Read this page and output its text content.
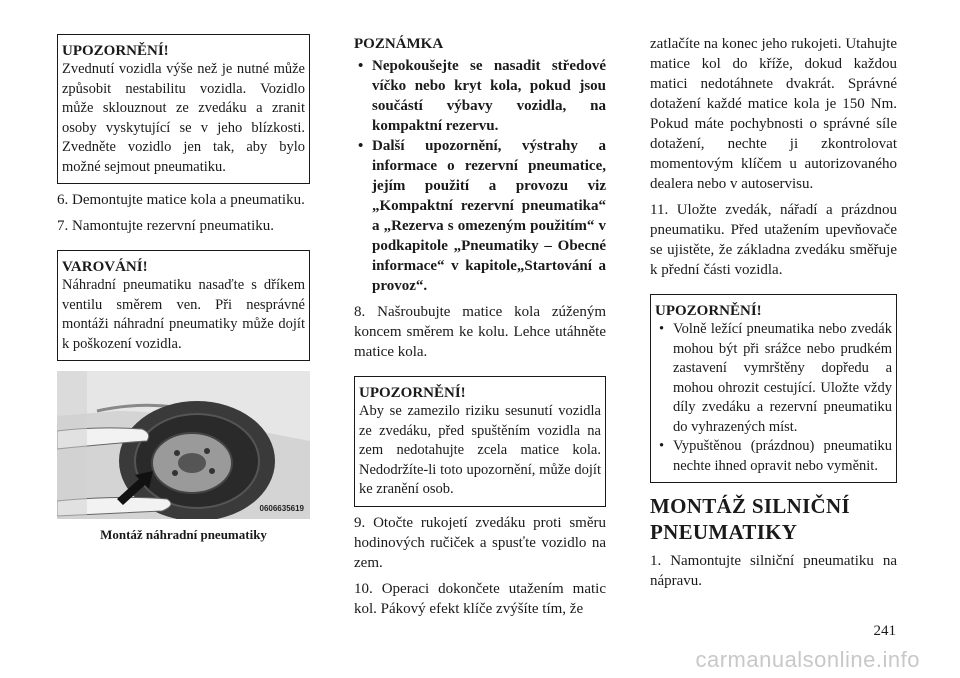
UPOZORNĚNÍ!

Zvednutí vozidla výše než je nutné může způsobit nestabilitu vozidla. Vozidlo může sklouznout ze zvedáku a zranit osoby vyskytující se v jeho blízkosti. Zvedněte vozidlo jen tak, aby bylo možné sejmout pneumatiku.

6. Demontujte matice kola a pneumatiku.

7. Namontujte rezervní pneumatiku.

VAROVÁNÍ!

Náhradní pneumatiku nasaďte s dříkem ventilu směrem ven. Při nesprávné montáži náhradní pneumatiky může dojít k poškození vozidla.

0606635619
Montáž náhradní pneumatiky
POZNÁMKA
• Nepokoušejte se nasadit středové víčko nebo kryt kola, pokud jsou součástí výbavy vozidla, na kompaktní rezervu.
• Další upozornění, výstrahy a informace o rezervní pneumatice, jejím použití a provozu viz „Kompaktní rezervní pneumatika“ a „Rezerva s omezeným použitím“ v podkapitole „Pneumatiky – Obecné informace“ v kapitole„Startování a provoz“.

8. Našroubujte matice kola zúženým koncem směrem ke kolu. Lehce utáhněte matice kola.

UPOZORNĚNÍ!

Aby se zamezilo riziku sesunutí vozidla ze zvedáku, před spuštěním vozidla na zem nedotahujte zcela matice kola. Nedodržíte-li toto upozornění, může dojít ke zranění osob.

9. Otočte rukojetí zvedáku proti směru hodinových ručiček a spusťte vozidlo na zem.

10. Operaci dokončete utažením matic kol. Pákový efekt klíče zvýšíte tím, že

zatlačíte na konec jeho rukojeti. Utahujte matice kol do kříže, dokud každou matici nedotáhnete dvakrát. Správné dotažení každé matice kola je 150 Nm. Pokud máte pochybnosti o správné síle dotažení, nechte ji zkontrolovat momentovým klíčem u autorizovaného dealera nebo v autoservisu.

11. Uložte zvedák, nářadí a prázdnou pneumatiku. Před utažením upevňovače se ujistěte, že základna zvedáku směřuje k přední části vozidla.

UPOZORNĚNÍ!
• Volně ležící pneumatika nebo zvedák mohou být při srážce nebo prudkém zastavení vymrštěny dopředu a mohou ohrozit cestující. Uložte vždy díly zvedáku a rezervní pneumatiku do vyhrazených míst.
• Vypuštěnou (prázdnou) pneumatiku nechte ihned opravit nebo vyměnit.
MONTÁŽ SILNIČNÍ PNEUMATIKY

1. Namontujte silniční pneumatiku na nápravu.

241
carmanualsonline.info
